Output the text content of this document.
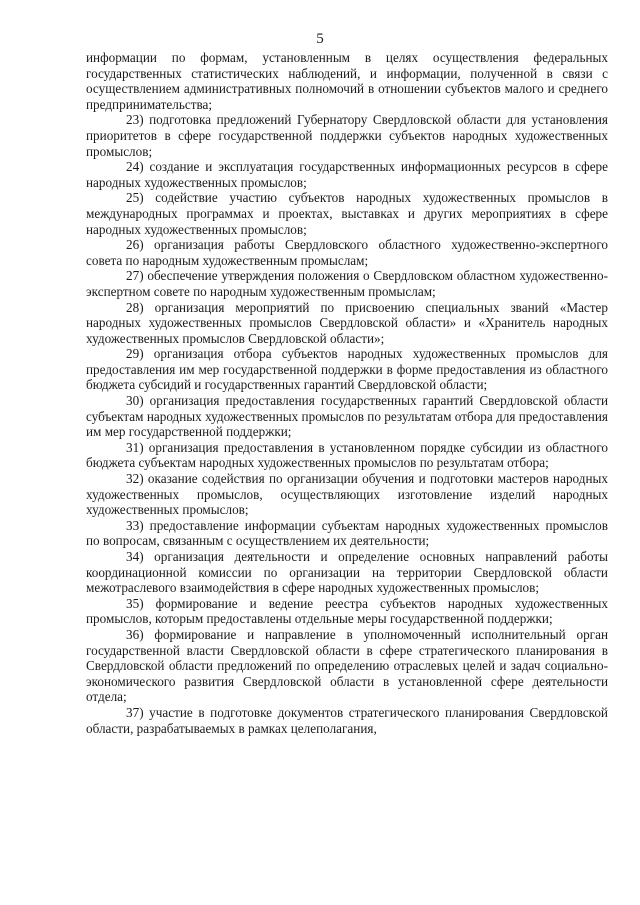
5

информации по формам, установленным в целях осуществления федеральных государственных статистических наблюдений, и информации, полученной в связи с осуществлением административных полномочий в отношении субъектов малого и среднего предпринимательства;

23) подготовка предложений Губернатору Свердловской области для установления приоритетов в сфере государственной поддержки субъектов народных художественных промыслов;

24) создание и эксплуатация государственных информационных ресурсов в сфере народных художественных промыслов;

25) содействие участию субъектов народных художественных промыслов в международных программах и проектах, выставках и других мероприятиях в сфере народных художественных промыслов;

26) организация работы Свердловского областного художественно-экспертного совета по народным художественным промыслам;

27) обеспечение утверждения положения о Свердловском областном художественно-экспертном совете по народным художественным промыслам;

28) организация мероприятий по присвоению специальных званий «Мастер народных художественных промыслов Свердловской области» и «Хранитель народных художественных промыслов Свердловской области»;

29) организация отбора субъектов народных художественных промыслов для предоставления им мер государственной поддержки в форме предоставления из областного бюджета субсидий и государственных гарантий Свердловской области;

30) организация предоставления государственных гарантий Свердловской области субъектам народных художественных промыслов по результатам отбора для предоставления им мер государственной поддержки;

31) организация предоставления в установленном порядке субсидии из областного бюджета субъектам народных художественных промыслов по результатам отбора;

32) оказание содействия по организации обучения и подготовки мастеров народных художественных промыслов, осуществляющих изготовление изделий народных художественных промыслов;

33) предоставление информации субъектам народных художественных промыслов по вопросам, связанным с осуществлением их деятельности;

34) организация деятельности и определение основных направлений работы координационной комиссии по организации на территории Свердловской области межотраслевого взаимодействия в сфере народных художественных промыслов;

35) формирование и ведение реестра субъектов народных художественных промыслов, которым предоставлены отдельные меры государственной поддержки;

36) формирование и направление в уполномоченный исполнительный орган государственной власти Свердловской области в сфере стратегического планирования в Свердловской области предложений по определению отраслевых целей и задач социально-экономического развития Свердловской области в установленной сфере деятельности отдела;

37) участие в подготовке документов стратегического планирования Свердловской области, разрабатываемых в рамках целеполагания,
